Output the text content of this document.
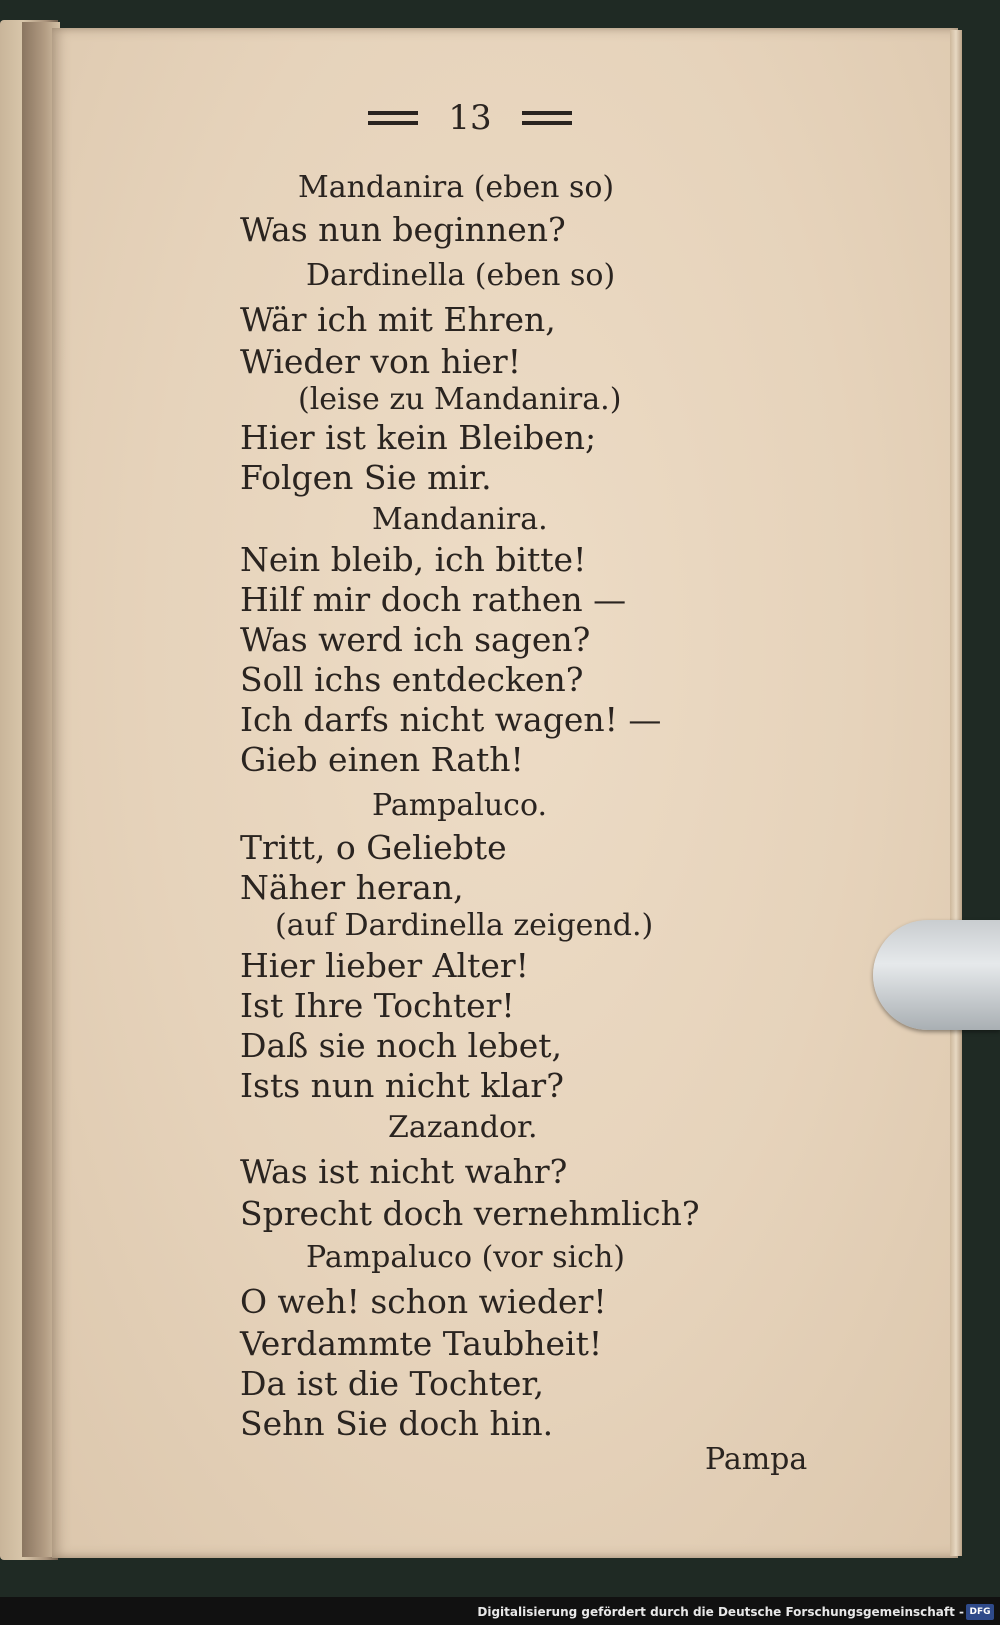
13
Mandanira (eben so)
Was nun beginnen?
Dardinella (eben so)
Wär ich mit Ehren,
Wieder von hier!
(leise zu Mandanira.)
Hier ist kein Bleiben;
Folgen Sie mir.
Mandanira.
Nein bleib, ich bitte!
Hilf mir doch rathen —
Was werd ich sagen?
Soll ichs entdecken?
Ich darfs nicht wagen! —
Gieb einen Rath!
Pampaluco.
Tritt, o Geliebte
Näher heran,
(auf Dardinella zeigend.)
Hier lieber Alter!
Ist Ihre Tochter!
Daß sie noch lebet,
Ists nun nicht klar?
Zazandor.
Was ist nicht wahr?
Sprecht doch vernehmlich?
Pampaluco (vor sich)
O weh! schon wieder!
Verdammte Taubheit!
Da ist die Tochter,
Sehn Sie doch hin.
Pampa
Digitalisierung gefördert durch die Deutsche Forschungsgemeinschaft - DFG
